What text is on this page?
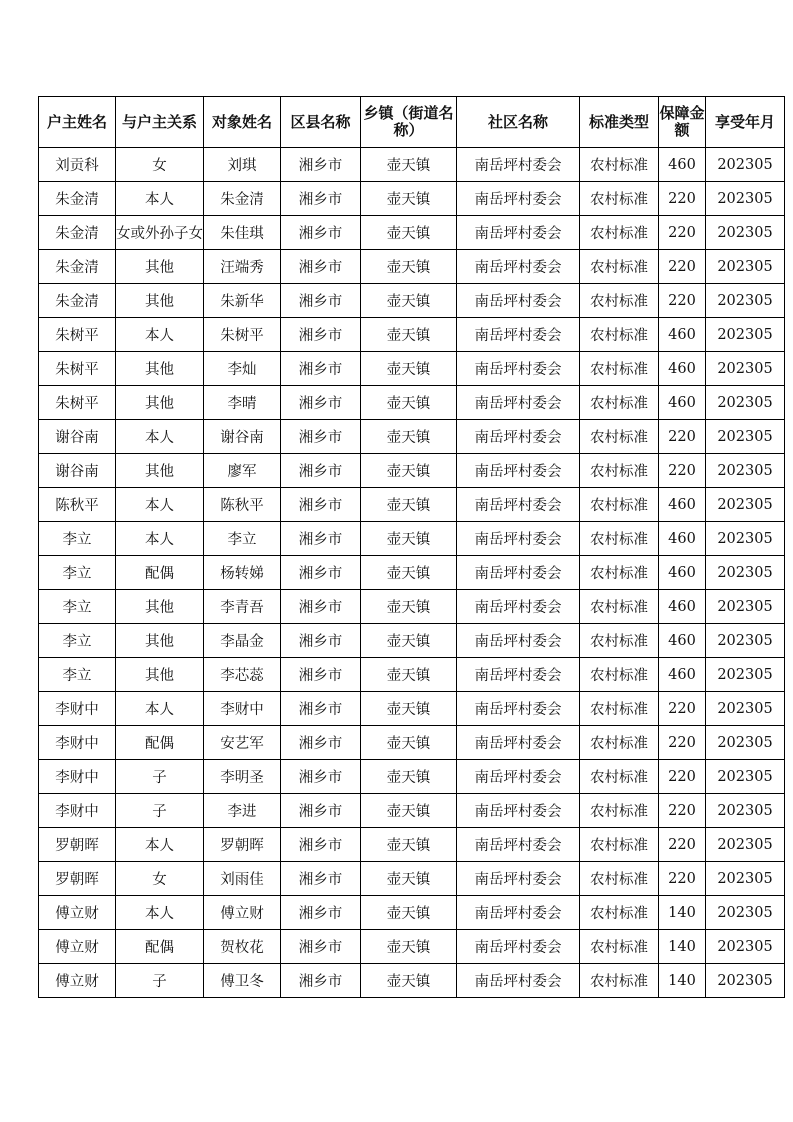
户主姓名	与户主关系	对象姓名	区县名称	乡镇（街道名称）	社区名称	标准类型	保障金额	享受年月
刘贡科	女	刘琪	湘乡市	壶天镇	南岳坪村委会	农村标准	460	202305
朱金清	本人	朱金清	湘乡市	壶天镇	南岳坪村委会	农村标准	220	202305
朱金清	女或外孙子女	朱佳琪	湘乡市	壶天镇	南岳坪村委会	农村标准	220	202305
朱金清	其他	汪端秀	湘乡市	壶天镇	南岳坪村委会	农村标准	220	202305
朱金清	其他	朱新华	湘乡市	壶天镇	南岳坪村委会	农村标准	220	202305
朱树平	本人	朱树平	湘乡市	壶天镇	南岳坪村委会	农村标准	460	202305
朱树平	其他	李灿	湘乡市	壶天镇	南岳坪村委会	农村标准	460	202305
朱树平	其他	李晴	湘乡市	壶天镇	南岳坪村委会	农村标准	460	202305
谢谷南	本人	谢谷南	湘乡市	壶天镇	南岳坪村委会	农村标准	220	202305
谢谷南	其他	廖军	湘乡市	壶天镇	南岳坪村委会	农村标准	220	202305
陈秋平	本人	陈秋平	湘乡市	壶天镇	南岳坪村委会	农村标准	460	202305
李立	本人	李立	湘乡市	壶天镇	南岳坪村委会	农村标准	460	202305
李立	配偶	杨转娣	湘乡市	壶天镇	南岳坪村委会	农村标准	460	202305
李立	其他	李青吾	湘乡市	壶天镇	南岳坪村委会	农村标准	460	202305
李立	其他	李晶金	湘乡市	壶天镇	南岳坪村委会	农村标准	460	202305
李立	其他	李芯蕊	湘乡市	壶天镇	南岳坪村委会	农村标准	460	202305
李财中	本人	李财中	湘乡市	壶天镇	南岳坪村委会	农村标准	220	202305
李财中	配偶	安艺军	湘乡市	壶天镇	南岳坪村委会	农村标准	220	202305
李财中	子	李明圣	湘乡市	壶天镇	南岳坪村委会	农村标准	220	202305
李财中	子	李进	湘乡市	壶天镇	南岳坪村委会	农村标准	220	202305
罗朝晖	本人	罗朝晖	湘乡市	壶天镇	南岳坪村委会	农村标准	220	202305
罗朝晖	女	刘雨佳	湘乡市	壶天镇	南岳坪村委会	农村标准	220	202305
傅立财	本人	傅立财	湘乡市	壶天镇	南岳坪村委会	农村标准	140	202305
傅立财	配偶	贺枚花	湘乡市	壶天镇	南岳坪村委会	农村标准	140	202305
傅立财	子	傅卫冬	湘乡市	壶天镇	南岳坪村委会	农村标准	140	202305
